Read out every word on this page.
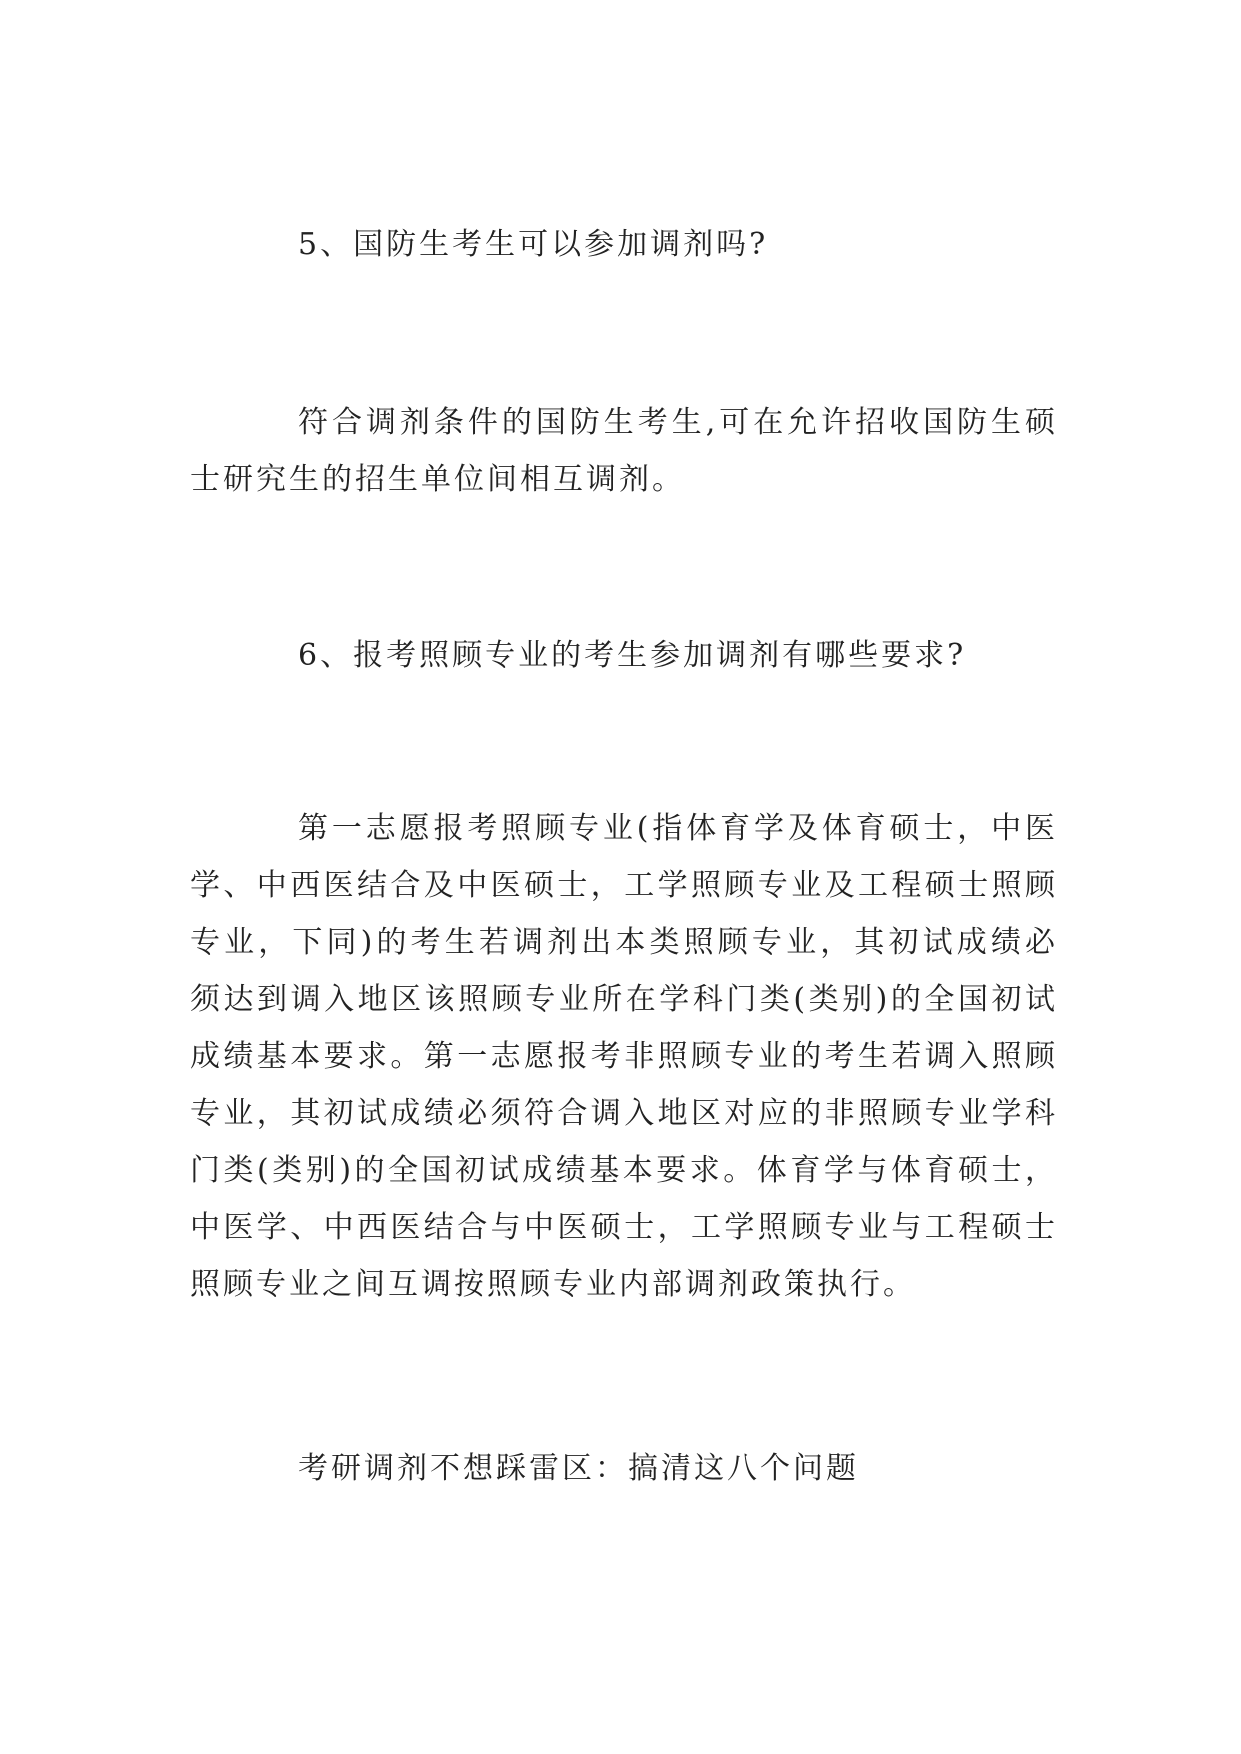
5、国防生考生可以参加调剂吗?

符合调剂条件的国防生考生,可在允许招收国防生硕士研究生的招生单位间相互调剂。

6、报考照顾专业的考生参加调剂有哪些要求?

第一志愿报考照顾专业(指体育学及体育硕士，中医学、中西医结合及中医硕士，工学照顾专业及工程硕士照顾专业，下同)的考生若调剂出本类照顾专业，其初试成绩必须达到调入地区该照顾专业所在学科门类(类别)的全国初试成绩基本要求。第一志愿报考非照顾专业的考生若调入照顾专业，其初试成绩必须符合调入地区对应的非照顾专业学科门类(类别)的全国初试成绩基本要求。体育学与体育硕士，中医学、中西医结合与中医硕士，工学照顾专业与工程硕士照顾专业之间互调按照顾专业内部调剂政策执行。

考研调剂不想踩雷区：搞清这八个问题
